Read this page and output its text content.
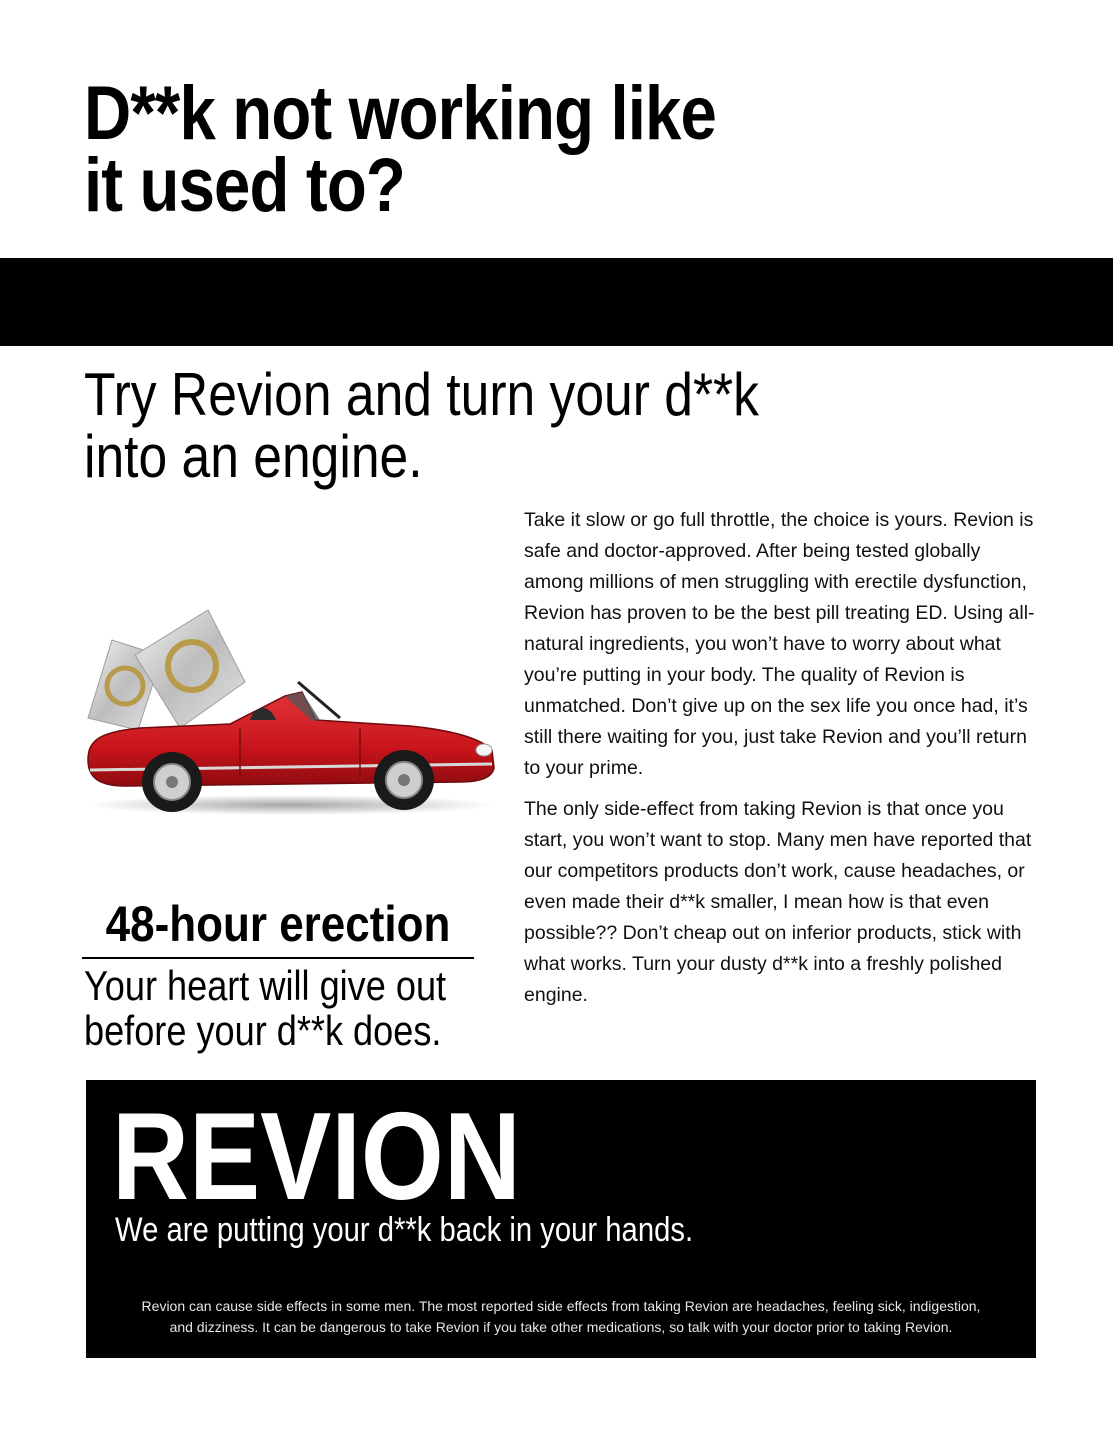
D**k not working like
it used to?
Try Revion and turn your d**k
into an engine.

Take it slow or go full throttle, the choice is yours. Revion is safe and doctor-approved. After being tested globally among millions of men struggling with erectile dysfunction, Revion has proven to be the best pill treating ED. Using all-natural ingredients, you won’t have to worry about what you’re putting in your body. The quality of Revion is unmatched. Don’t give up on the sex life you once had, it’s still there waiting for you, just take Revion and you’ll return to your prime.

The only side-effect from taking Revion is that once you start, you won’t want to stop. Many men have reported that our competitors products don’t work, cause headaches, or even made their d**k smaller, I mean how is that even possible?? Don’t cheap out on inferior products, stick with what works. Turn your dusty d**k into a freshly polished engine.

48-hour erection
Your heart will give out
before your d**k does.
REVION
We are putting your d**k back in your hands.
Revion can cause side effects in some men. The most reported side effects from taking Revion are headaches, feeling sick, indigestion,
and dizziness. It can be dangerous to take Revion if you take other medications, so talk with your doctor prior to taking Revion.
